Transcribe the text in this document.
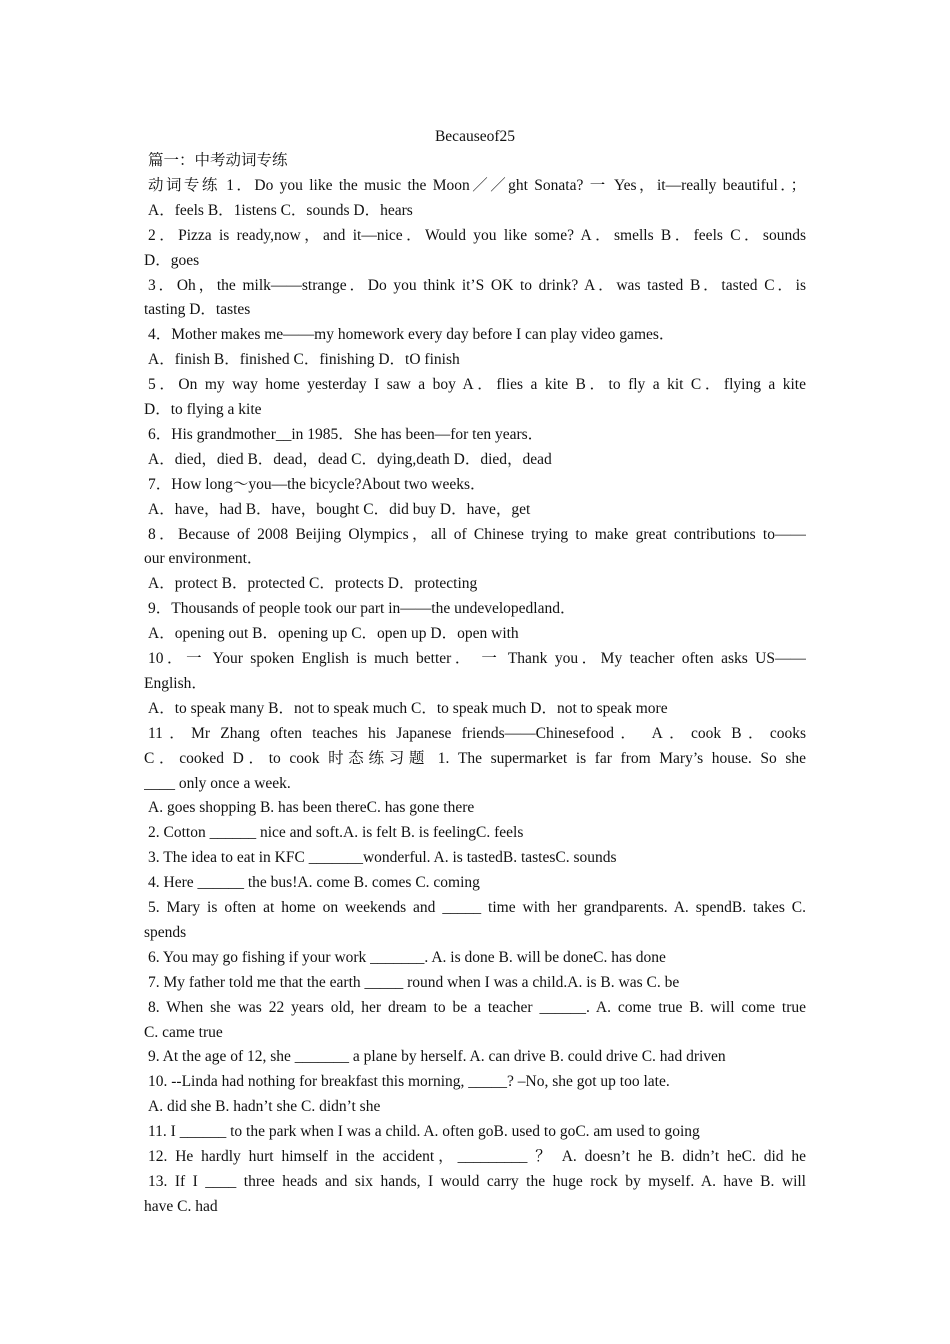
Becauseof25
篇一：中考动词专练
动词专练 1．Do you like the music the Moon／／ght Sonata? 一 Yes，it—really beautiful．；
A．feels B．1istens C．sounds D．hears
2．Pizza is ready,now，and it—nice．Would you like some? A．smells B．feels C．sounds
D．goes
3．Oh，the milk——strange．Do you think it’S OK to drink? A．was tasted B．tasted C．is
tasting D．tastes
4．Mother makes me——my homework every day before I can play video games．
A．finish B．finished C．finishing D．tO finish
5．On my way home yesterday I saw a boy A．flies a kite B．to fly a kit C．flying a kite
D．to flying a kite
6．His grandmother__in 1985．She has been—for ten years．
A．died，died B．dead，dead C．dying,death D．died，dead
7．How long～you—the bicycle?About two weeks．
A．have，had B．have，bought C．did buy D．have，get
8．Because of 2008 Beijing Olympics，all of Chinese trying to make great contributions to——
our environment．
A．protect B．protected C．protects D．protecting
9．Thousands of people took our part in——the undevelopedland．
A．opening out B．opening up C．open up D．open with
10．一 Your spoken English is much better． 一 Thank you．My teacher often asks US——
English．
A．to speak many B．not to speak much C．to speak much D．not to speak more
11．Mr Zhang often teaches his Japanese friends——Chinesefood． A．cook B．cooks
C．cooked D．to cook 时态练习题 1. The supermarket is far from Mary’s house. So she
____ only once a week.
A. goes shopping B. has been thereC. has gone there
2. Cotton ______ nice and soft.A. is felt B. is feelingC. feels
3. The idea to eat in KFC _______wonderful. A. is tastedB. tastesC. sounds
4. Here ______ the bus!A. come B. comes C. coming
5. Mary is often at home on weekends and _____ time with her grandparents. A. spendB. takes C.
spends
6. You may go fishing if your work _______. A. is done B. will be doneC. has done
7. My father told me that the earth _____ round when I was a child.A. is B. was C. be
8. When she was 22 years old, her dream to be a teacher ______. A. come true B. will come true
C. came true
9. At the age of 12, she _______ a plane by herself. A. can drive B. could drive C. had driven
10. --Linda had nothing for breakfast this morning, _____? –No, she got up too late.
A. did she B. hadn’t she C. didn’t she
11. I ______ to the park when I was a child. A. often goB. used to goC. am used to going
12. He hardly hurt himself in the accident，_________ ？ A. doesn’t he B. didn’t heC. did he
13. If I ____ three heads and six hands, I would carry the huge rock by myself. A. have B. will
have C. had
